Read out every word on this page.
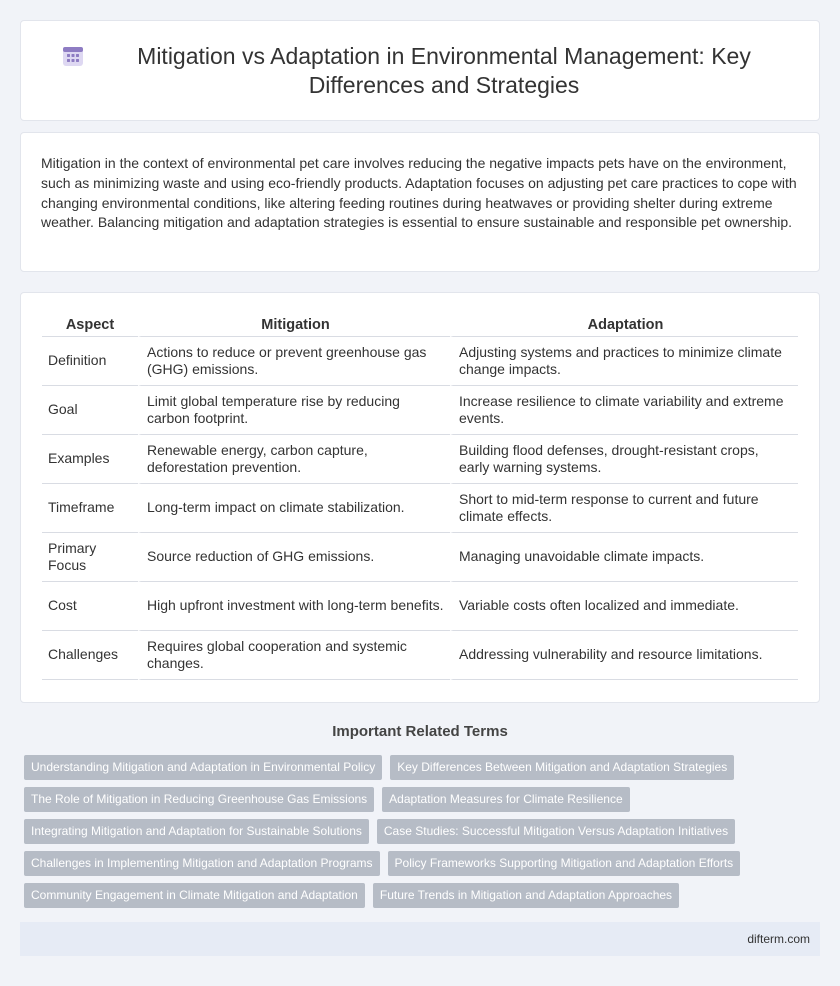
Mitigation vs Adaptation in Environmental Management: Key Differences and Strategies

Mitigation in the context of environmental pet care involves reducing the negative impacts pets have on the environment, such as minimizing waste and using eco-friendly products. Adaptation focuses on adjusting pet care practices to cope with changing environmental conditions, like altering feeding routines during heatwaves or providing shelter during extreme weather. Balancing mitigation and adaptation strategies is essential to ensure sustainable and responsible pet ownership.

Aspect	Mitigation	Adaptation
Definition	Actions to reduce or prevent greenhouse gas (GHG) emissions.	Adjusting systems and practices to minimize climate change impacts.
Goal	Limit global temperature rise by reducing carbon footprint.	Increase resilience to climate variability and extreme events.
Examples	Renewable energy, carbon capture, deforestation prevention.	Building flood defenses, drought-resistant crops, early warning systems.
Timeframe	Long-term impact on climate stabilization.	Short to mid-term response to current and future climate effects.
Primary Focus	Source reduction of GHG emissions.	Managing unavoidable climate impacts.
Cost	High upfront investment with long-term benefits.	Variable costs often localized and immediate.
Challenges	Requires global cooperation and systemic changes.	Addressing vulnerability and resource limitations.
Important Related Terms
Understanding Mitigation and Adaptation in Environmental Policy	Key Differences Between Mitigation and Adaptation Strategies
The Role of Mitigation in Reducing Greenhouse Gas Emissions	Adaptation Measures for Climate Resilience
Integrating Mitigation and Adaptation for Sustainable Solutions	Case Studies: Successful Mitigation Versus Adaptation Initiatives
Challenges in Implementing Mitigation and Adaptation Programs	Policy Frameworks Supporting Mitigation and Adaptation Efforts
Community Engagement in Climate Mitigation and Adaptation	Future Trends in Mitigation and Adaptation Approaches
difterm.com
